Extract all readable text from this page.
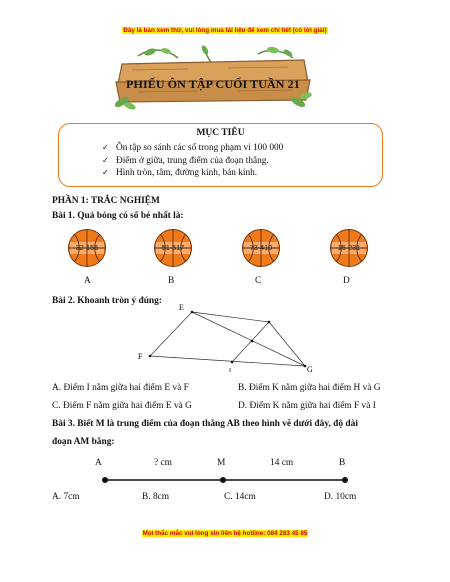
Đây là bản xem thử, vui lòng mua tài liệu để xem chi tiết (có lời giải)
PHIẾU ÔN TẬP CUỐI TUẦN 21
MỤC TIÊU
✓ Ôn tập so sánh các số trong phạm vi 100 000
✓ Điểm ở giữa, trung điểm của đoạn thẳng.
✓ Hình tròn, tâm, đường kính, bán kính.
PHẦN 1: TRẮC NGHIỆM
Bài 1. Quả bóng có số bé nhất là:
32 155
A
51 517
B
73 410
C
15 231
D
Bài 2. Khoanh tròn ý đúng:
E
F
G
I
A. Điểm I nằm giữa hai điểm E và F	B. Điểm K nằm giữa hai điểm H và G
C. Điểm F nằm giữa hai điểm E và G	D. Điểm K nằm giữa hai điểm F và I
Bài 3. Biết M là trung điểm của đoạn thẳng AB theo hình vẽ dưới đây, độ dài
đoạn AM bằng:
A	? cm	M	14 cm	B
A. 7cm	B. 8cm	C. 14cm	D. 10cm
Mọi thắc mắc vui lòng xin liên hệ hotline: 084 283 45 85
